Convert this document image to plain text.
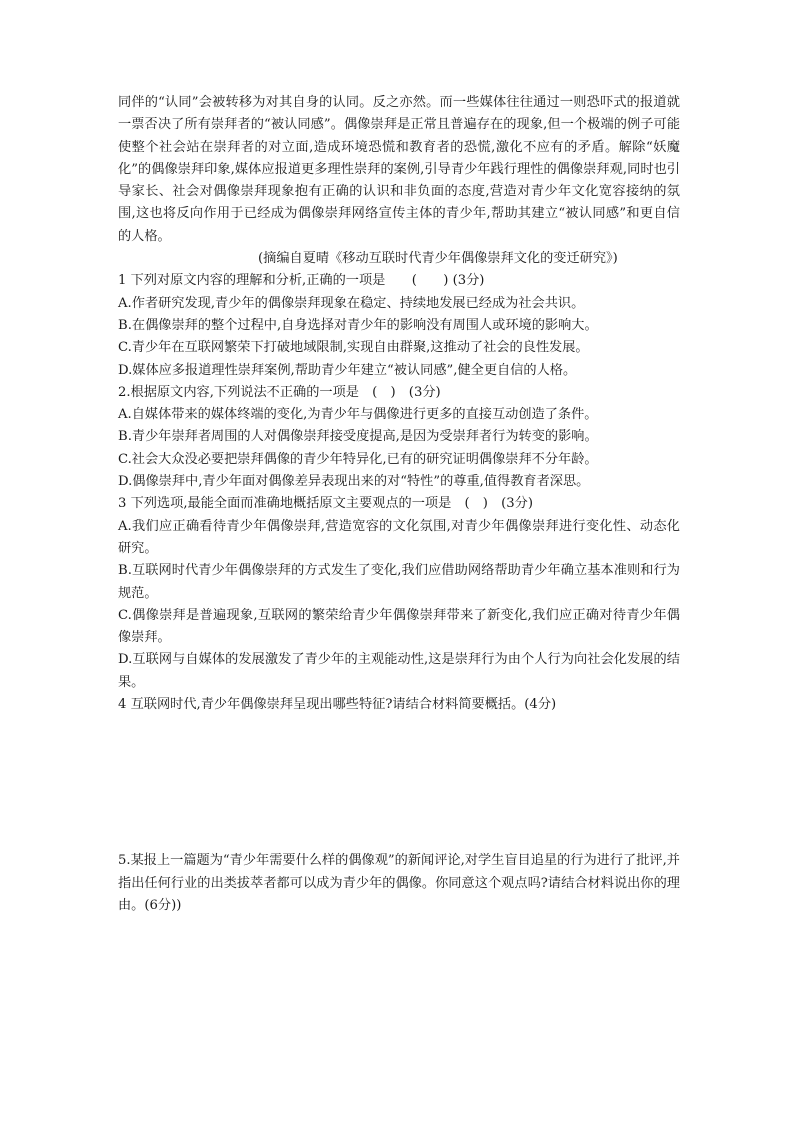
同伴的“认同”会被转移为对其自身的认同。反之亦然。而一些媒体往往通过一则恐吓式的报道就一票否决了所有崇拜者的“被认同感”。偶像崇拜是正常且普遍存在的现象,但一个极端的例子可能使整个社会站在崇拜者的对立面,造成环境恐慌和教育者的恐慌,激化不应有的矛盾。解除“妖魔化”的偶像崇拜印象,媒体应报道更多理性崇拜的案例,引导青少年践行理性的偶像崇拜观,同时也引导家长、社会对偶像崇拜现象抱有正确的认识和非负面的态度,营造对青少年文化宽容接纳的氛围,这也将反向作用于已经成为偶像崇拜网络宣传主体的青少年,帮助其建立“被认同感”和更自信的人格。

(摘编自夏晴《移动互联时代青少年偶像崇拜文化的变迁研究》)

1 下列对原文内容的理解和分析,正确的一项是　　(　　) (3分)

A.作者研究发现,青少年的偶像崇拜现象在稳定、持续地发展已经成为社会共识。

B.在偶像崇拜的整个过程中,自身选择对青少年的影响没有周围人或环境的影响大。

C.青少年在互联网繁荣下打破地域限制,实现自由群聚,这推动了社会的良性发展。

D.媒体应多报道理性崇拜案例,帮助青少年建立“被认同感”,健全更自信的人格。

2.根据原文内容,下列说法不正确的一项是　(　)　(3分)

A.自媒体带来的媒体终端的变化,为青少年与偶像进行更多的直接互动创造了条件。

B.青少年崇拜者周围的人对偶像崇拜接受度提高,是因为受崇拜者行为转变的影响。

C.社会大众没必要把崇拜偶像的青少年特异化,已有的研究证明偶像崇拜不分年龄。

D.偶像崇拜中,青少年面对偶像差异表现出来的对“特性”的尊重,值得教育者深思。

3 下列选项,最能全面而准确地概括原文主要观点的一项是　(　)　(3分)

A.我们应正确看待青少年偶像崇拜,营造宽容的文化氛围,对青少年偶像崇拜进行变化性、动态化研究。

B.互联网时代青少年偶像崇拜的方式发生了变化,我们应借助网络帮助青少年确立基本准则和行为规范。

C.偶像崇拜是普遍现象,互联网的繁荣给青少年偶像崇拜带来了新变化,我们应正确对待青少年偶像崇拜。

D.互联网与自媒体的发展激发了青少年的主观能动性,这是崇拜行为由个人行为向社会化发展的结果。

4 互联网时代,青少年偶像崇拜呈现出哪些特征?请结合材料简要概括。(4分)

5.某报上一篇题为“青少年需要什么样的偶像观”的新闻评论,对学生盲目追星的行为进行了批评,并指出任何行业的出类拔萃者都可以成为青少年的偶像。你同意这个观点吗?请结合材料说出你的理由。(6分))
